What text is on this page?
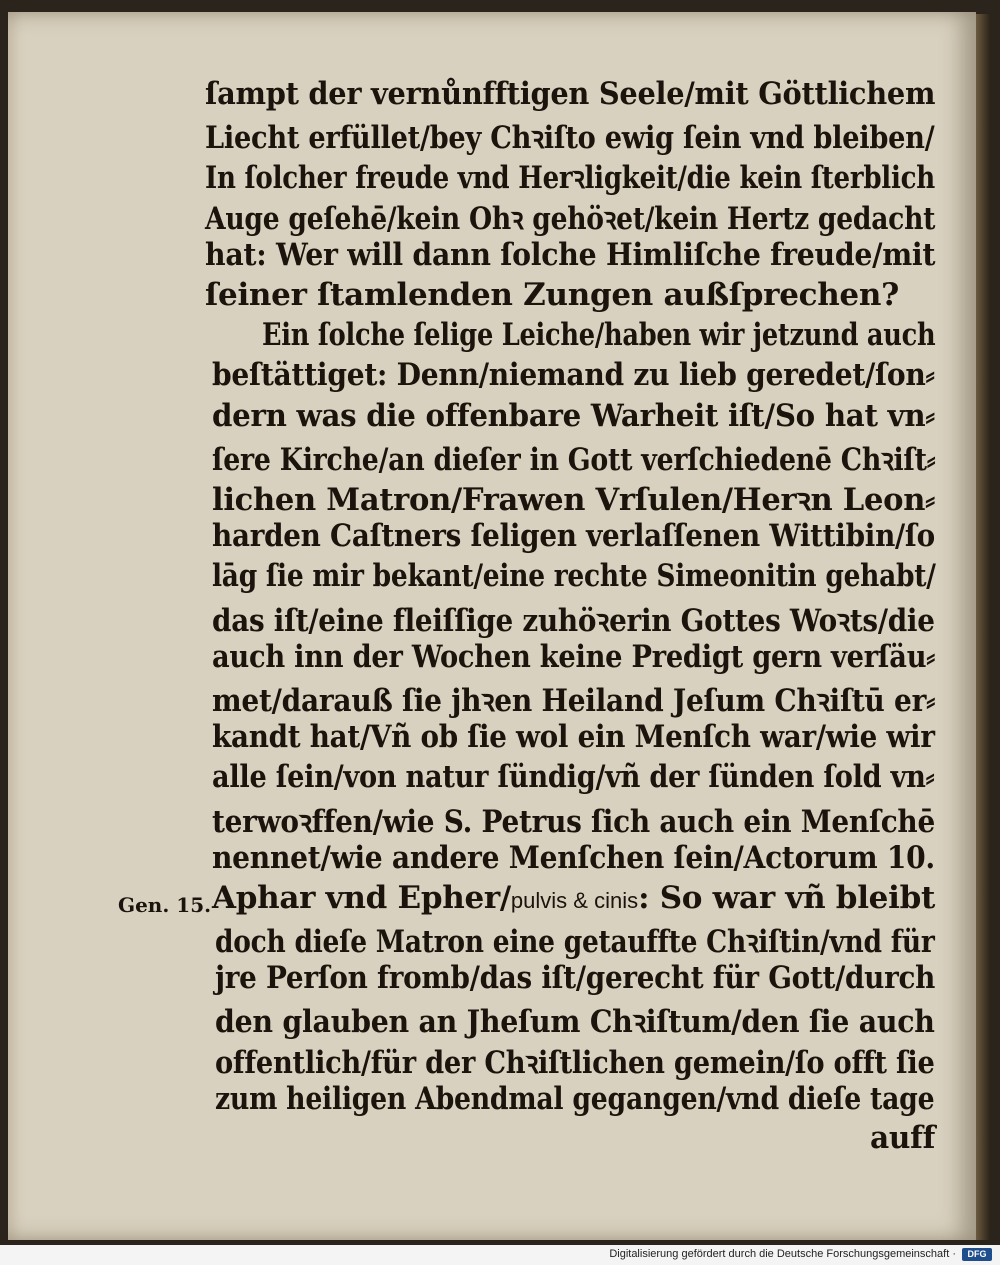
ſampt der vernůnfftigen Seele/mit Göttlichem
Liecht erfüllet/bey Chꝛiſto ewig ſein vnd bleiben/
In ſolcher freude vnd Herꝛligkeit/die kein ſterblich
Auge geſehē/kein Ohꝛ gehöꝛet/kein Hertz gedacht
hat: Wer will dann ſolche Himliſche freude/mit
ſeiner ſtamlenden Zungen außſprechen?
Ein ſolche ſelige Leiche/haben wir jetzund auch
beſtättiget: Denn/niemand zu lieb geredet/ſon⸗
dern was die offenbare Warheit iſt/So hat vn⸗
ſere Kirche/an dieſer in Gott verſchiedenē Chꝛiſt⸗
lichen Matron/Frawen Vrſulen/Herꝛn Leon⸗
harden Caſtners ſeligen verlaſſenen Wittibin/ſo
lāg ſie mir bekant/eine rechte Simeonitin gehabt/
das iſt/eine fleiſſige zuhöꝛerin Gottes Woꝛts/die
auch inn der Wochen keine Predigt gern verſäu⸗
met/darauß ſie jhꝛen Heiland Jeſum Chꝛiſtū er⸗
kandt hat/Vñ ob ſie wol ein Menſch war/wie wir
alle ſein/von natur ſündig/vñ der ſünden ſold vn⸗
terwoꝛffen/wie S. Petrus ſich auch ein Menſchē
nennet/wie andere Menſchen ſein/Actorum 10.
doch dieſe Matron eine getauffte Chꝛiſtin/vnd für
jre Perſon fromb/das iſt/gerecht für Gott/durch
den glauben an Jheſum Chꝛiſtum/den ſie auch
offentlich/für der Chꝛiſtlichen gemein/ſo offt ſie
zum heiligen Abendmal gegangen/vnd dieſe tage
Gen. 15. Aphar vnd Epher/pulvis & cinis: So war vñ bleibt
auff
Digitalisierung gefördert durch die Deutsche Forschungsgemeinschaft ·	DFG
